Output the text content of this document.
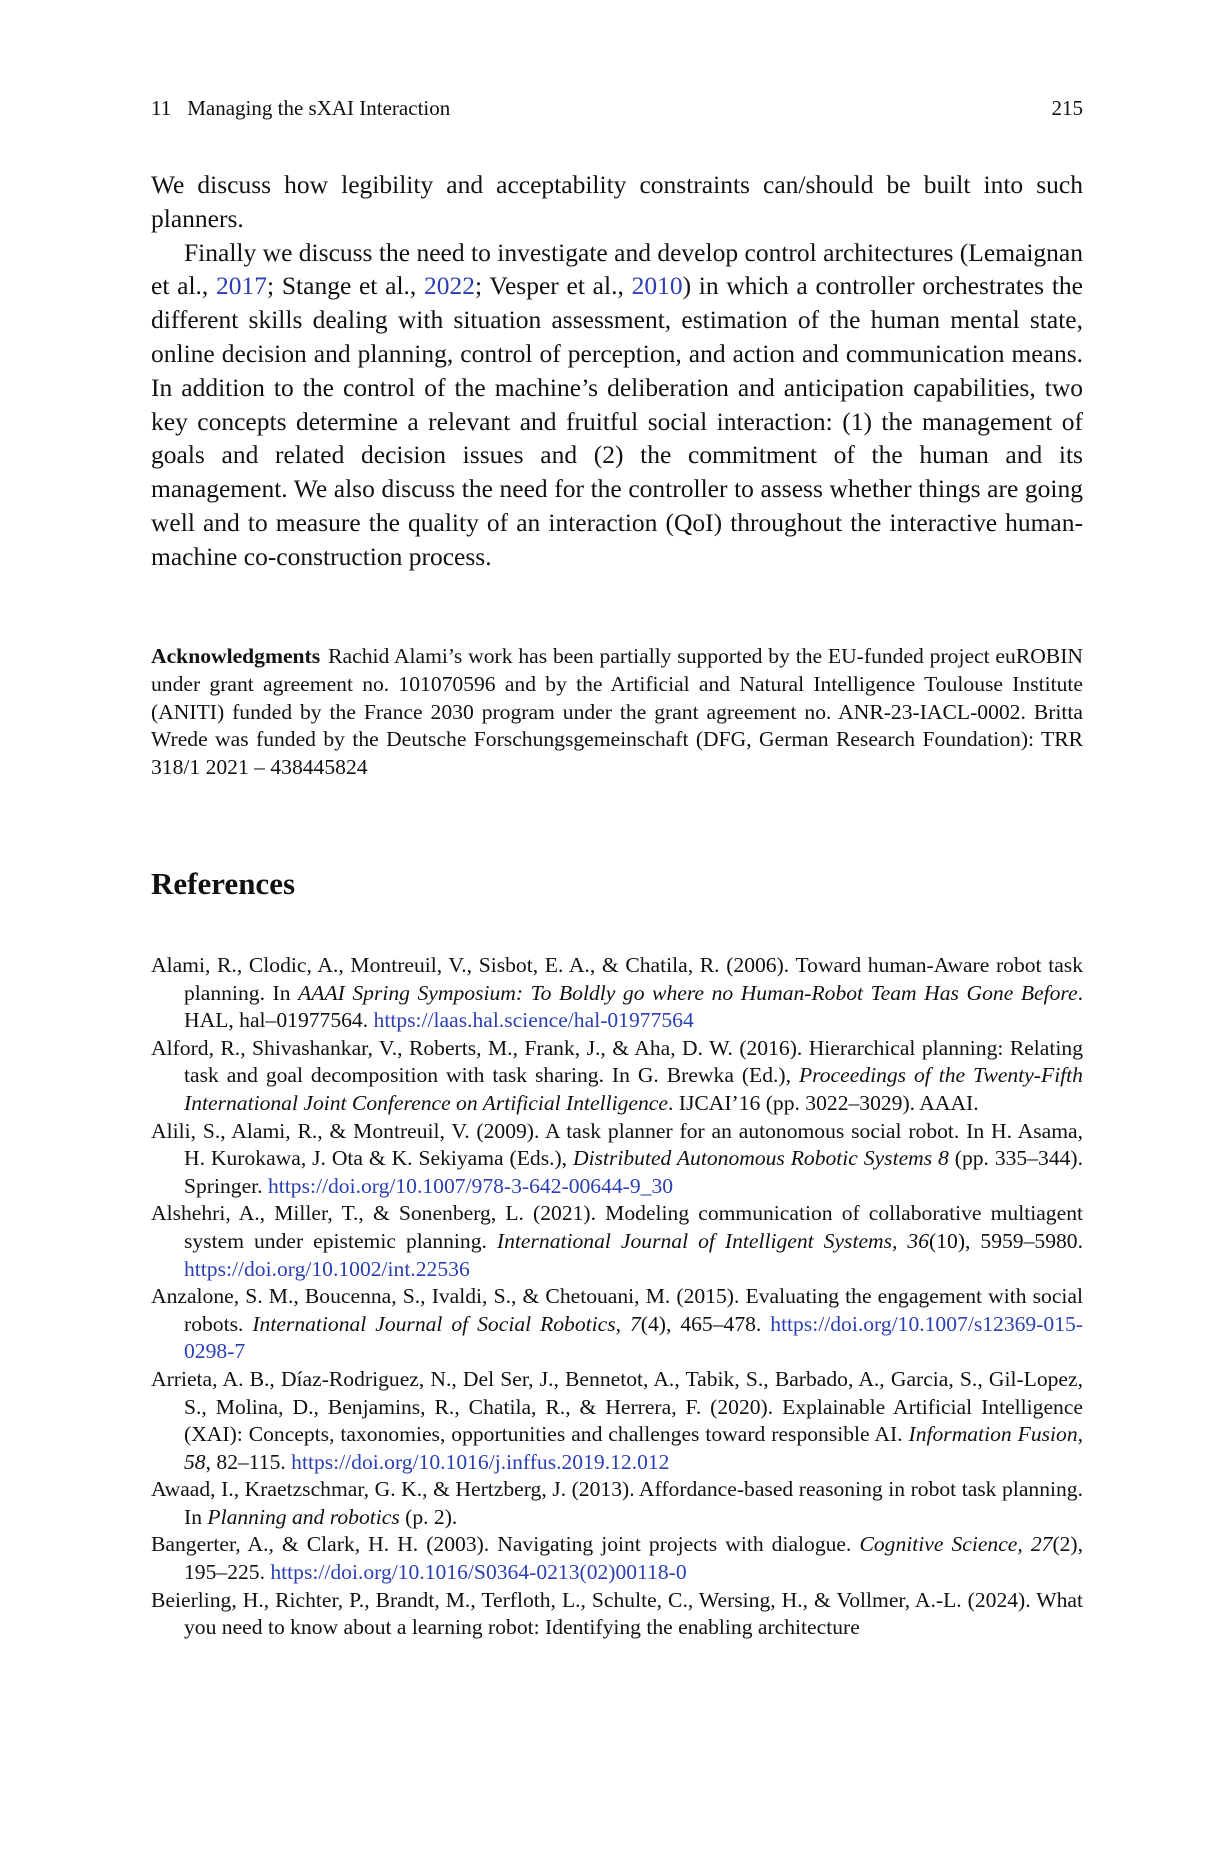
11 Managing the sXAI Interaction	215

We discuss how legibility and acceptability constraints can/should be built into such planners.

Finally we discuss the need to investigate and develop control architectures (Lemaignan et al., 2017; Stange et al., 2022; Vesper et al., 2010) in which a controller orchestrates the different skills dealing with situation assessment, estimation of the human mental state, online decision and planning, control of perception, and action and communication means. In addition to the control of the machine’s deliberation and anticipation capabilities, two key concepts determine a relevant and fruitful social interaction: (1) the management of goals and related decision issues and (2) the commitment of the human and its management. We also discuss the need for the controller to assess whether things are going well and to measure the quality of an interaction (QoI) throughout the interactive human-machine co-construction process.

Acknowledgments Rachid Alami’s work has been partially supported by the EU-funded project euROBIN under grant agreement no. 101070596 and by the Artificial and Natural Intelligence Toulouse Institute (ANITI) funded by the France 2030 program under the grant agreement no. ANR-23-IACL-0002. Britta Wrede was funded by the Deutsche Forschungsgemeinschaft (DFG, German Research Foundation): TRR 318/1 2021 – 438445824
References
Alami, R., Clodic, A., Montreuil, V., Sisbot, E. A., & Chatila, R. (2006). Toward human-Aware robot task planning. In AAAI Spring Symposium: To Boldly go where no Human-Robot Team Has Gone Before. HAL, hal–01977564. https://laas.hal.science/hal-01977564
Alford, R., Shivashankar, V., Roberts, M., Frank, J., & Aha, D. W. (2016). Hierarchical planning: Relating task and goal decomposition with task sharing. In G. Brewka (Ed.), Proceedings of the Twenty-Fifth International Joint Conference on Artificial Intelligence. IJCAI’16 (pp. 3022–3029). AAAI.
Alili, S., Alami, R., & Montreuil, V. (2009). A task planner for an autonomous social robot. In H. Asama, H. Kurokawa, J. Ota & K. Sekiyama (Eds.), Distributed Autonomous Robotic Systems 8 (pp. 335–344). Springer. https://doi.org/10.1007/978-3-642-00644-9_30
Alshehri, A., Miller, T., & Sonenberg, L. (2021). Modeling communication of collaborative multiagent system under epistemic planning. International Journal of Intelligent Systems, 36(10), 5959–5980. https://doi.org/10.1002/int.22536
Anzalone, S. M., Boucenna, S., Ivaldi, S., & Chetouani, M. (2015). Evaluating the engagement with social robots. International Journal of Social Robotics, 7(4), 465–478. https://doi.org/10.1007/s12369-015-0298-7
Arrieta, A. B., Díaz-Rodriguez, N., Del Ser, J., Bennetot, A., Tabik, S., Barbado, A., Garcia, S., Gil-Lopez, S., Molina, D., Benjamins, R., Chatila, R., & Herrera, F. (2020). Explainable Artificial Intelligence (XAI): Concepts, taxonomies, opportunities and challenges toward responsible AI. Information Fusion, 58, 82–115. https://doi.org/10.1016/j.inffus.2019.12.012
Awaad, I., Kraetzschmar, G. K., & Hertzberg, J. (2013). Affordance-based reasoning in robot task planning. In Planning and robotics (p. 2).
Bangerter, A., & Clark, H. H. (2003). Navigating joint projects with dialogue. Cognitive Science, 27(2), 195–225. https://doi.org/10.1016/S0364-0213(02)00118-0
Beierling, H., Richter, P., Brandt, M., Terfloth, L., Schulte, C., Wersing, H., & Vollmer, A.-L. (2024). What you need to know about a learning robot: Identifying the enabling architecture
